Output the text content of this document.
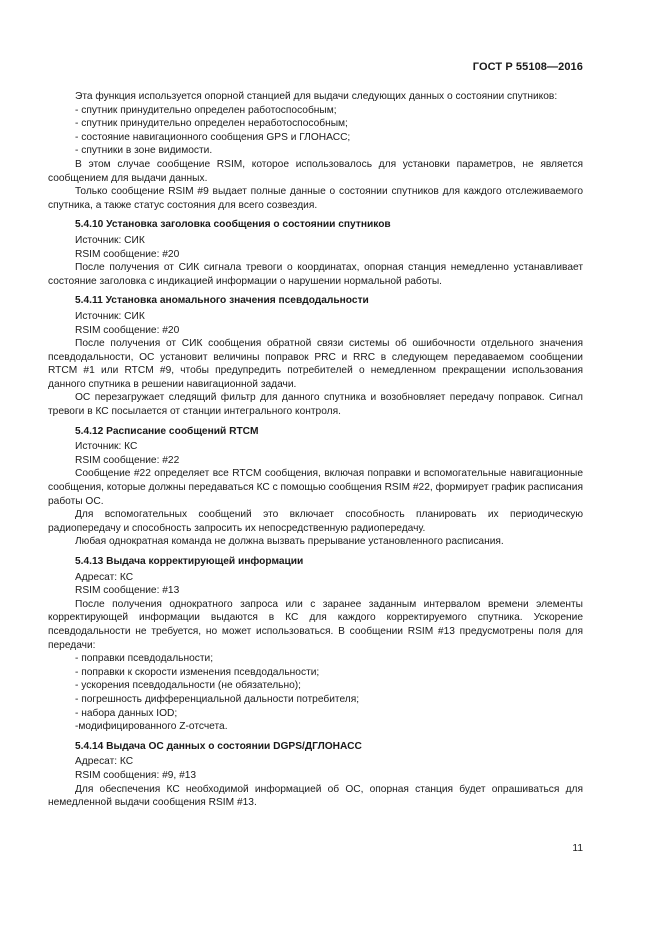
ГОСТ Р 55108—2016

Эта функция используется опорной станцией для выдачи следующих данных о состоянии спутников:

- спутник принудительно определен работоспособным;
- спутник принудительно определен неработоспособным;
- состояние навигационного сообщения GPS и ГЛОНАСС;
- спутники в зоне видимости.

В этом случае сообщение RSIM, которое использовалось для установки параметров, не является сообщением для выдачи данных.

Только сообщение RSIM #9 выдает полные данные о состоянии спутников для каждого отслеживаемого спутника, а также статус состояния для всего созвездия.

5.4.10 Установка заголовка сообщения о состоянии спутников
Источник: СИК
RSIM сообщение: #20

После получения от СИК сигнала тревоги о координатах, опорная станция немедленно устанавливает состояние заголовка с индикацией информации о нарушении нормальной работы.

5.4.11 Установка аномального значения псевдодальности
Источник: СИК
RSIM сообщение: #20

После получения от СИК сообщения обратной связи системы об ошибочности отдельного значения псевдодальности, ОС установит величины поправок PRC и RRC в следующем передаваемом сообщении RTCM #1 или RTCM #9, чтобы предупредить потребителей о немедленном прекращении использования данного спутника в решении навигационной задачи.

ОС перезагружает следящий фильтр для данного спутника и возобновляет передачу поправок. Сигнал тревоги в КС посылается от станции интегрального контроля.

5.4.12 Расписание сообщений RTCM
Источник: КС
RSIM сообщение: #22

Сообщение #22 определяет все RTCM сообщения, включая поправки и вспомогательные навигационные сообщения, которые должны передаваться КС с помощью сообщения RSIM #22, формирует график расписания работы ОС.

Для вспомогательных сообщений это включает способность планировать их периодическую радиопередачу и способность запросить их непосредственную радиопередачу.

Любая однократная команда не должна вызвать прерывание установленного расписания.

5.4.13 Выдача корректирующей информации
Адресат: КС
RSIM сообщение: #13

После получения однократного запроса или с заранее заданным интервалом времени элементы корректирующей информации выдаются в КС для каждого корректируемого спутника. Ускорение псевдодальности не требуется, но может использоваться. В сообщении RSIM #13 предусмотрены поля для передачи:

- поправки псевдодальности;
- поправки к скорости изменения псевдодальности;
- ускорения псевдодальности (не обязательно);
- погрешность дифференциальной дальности потребителя;
- набора данных IOD;
-модифицированного Z-отсчета.
5.4.14 Выдача ОС данных о состоянии DGPS/ДГЛОНАСС
Адресат: КС
RSIM сообщения: #9, #13

Для обеспечения КС необходимой информацией об ОС, опорная станция будет опрашиваться для немедленной выдачи сообщения RSIM #13.

11
